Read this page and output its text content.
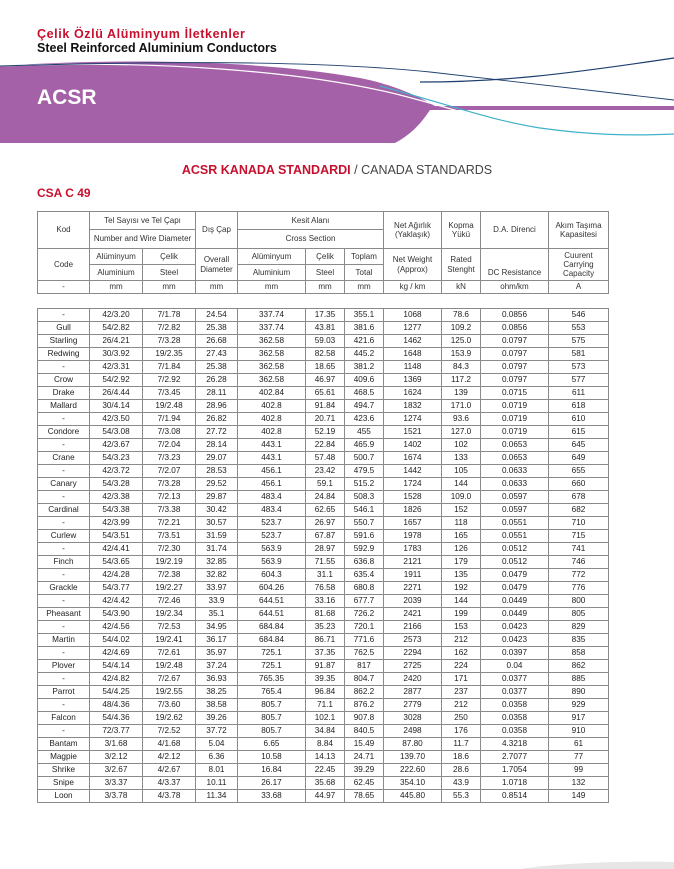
Çelik Özlü Alüminyum İletkenler
Steel Reinforced Aluminium Conductors
ACSR
ACSR KANADA STANDARDI / CANADA STANDARDS
CSA C 49
Kod	Tel Sayısı ve Tel Çapı		Dış Çap	Kesit Alanı			Net Ağırlık (Yaklaşık)	Kopma Yükü	D.A. Direnci	Akım Taşıma Kapasitesi
	Number and Wire Diameter			Cross Section						
Code	Alüminyum	Çelik	Overall Diameter	Alüminyum	Çelik	Toplam	Net Weight (Approx)	Rated Stenght	DC Resistance	Cuurent Carrying Capacity
	Aluminium	Steel		Aluminium	Steel	Total				
-	mm	mm	mm	mm	mm	mm	kg / km	kN	ohm/km	A
-	42/3.20	7/1.78	24.54	337.74	17.35	355.1	1068	78.6	0.0856	546
Gull	54/2.82	7/2.82	25.38	337.74	43.81	381.6	1277	109.2	0.0856	553
Starling	26/4.21	7/3.28	26.68	362.58	59.03	421.6	1462	125.0	0.0797	575
Redwing	30/3.92	19/2.35	27.43	362.58	82.58	445.2	1648	153.9	0.0797	581
-	42/3.31	7/1.84	25.38	362.58	18.65	381.2	1148	84.3	0.0797	573
Crow	54/2.92	7/2.92	26.28	362.58	46.97	409.6	1369	117.2	0.0797	577
Drake	26/4.44	7/3.45	28.11	402.84	65.61	468.5	1624	139	0.0715	611
Mallard	30/4.14	19/2.48	28.96	402.8	91.84	494.7	1832	171.0	0.0719	618
-	42/3.50	7/1.94	26.82	402.8	20.71	423.6	1274	93.6	0.0719	610
Condore	54/3.08	7/3.08	27.72	402.8	52.19	455	1521	127.0	0.0719	615
-	42/3.67	7/2.04	28.14	443.1	22.84	465.9	1402	102	0.0653	645
Crane	54/3.23	7/3.23	29.07	443.1	57.48	500.7	1674	133	0.0653	649
-	42/3.72	7/2.07	28.53	456.1	23.42	479.5	1442	105	0.0633	655
Canary	54/3.28	7/3.28	29.52	456.1	59.1	515.2	1724	144	0.0633	660
-	42/3.38	7/2.13	29.87	483.4	24.84	508.3	1528	109.0	0.0597	678
Cardinal	54/3.38	7/3.38	30.42	483.4	62.65	546.1	1826	152	0.0597	682
-	42/3.99	7/2.21	30.57	523.7	26.97	550.7	1657	118	0.0551	710
Curlew	54/3.51	7/3.51	31.59	523.7	67.87	591.6	1978	165	0.0551	715
-	42/4.41	7/2.30	31.74	563.9	28.97	592.9	1783	126	0.0512	741
Finch	54/3.65	19/2.19	32.85	563.9	71.55	636.8	2121	179	0.0512	746
-	42/4.28	7/2.38	32.82	604.3	31.1	635.4	1911	135	0.0479	772
Grackle	54/3.77	19/2.27	33.97	604.26	76.58	680.8	2271	192	0.0479	776
-	42/4.42	7/2.46	33.9	644.51	33.16	677.7	2039	144	0.0449	800
Pheasant	54/3.90	19/2.34	35.1	644.51	81.68	726.2	2421	199	0.0449	805
-	42/4.56	7/2.53	34.95	684.84	35.23	720.1	2166	153	0.0423	829
Martin	54/4.02	19/2.41	36.17	684.84	86.71	771.6	2573	212	0.0423	835
-	42/4.69	7/2.61	35.97	725.1	37.35	762.5	2294	162	0.0397	858
Plover	54/4.14	19/2.48	37.24	725.1	91.87	817	2725	224	0.04	862
-	42/4.82	7/2.67	36.93	765.35	39.35	804.7	2420	171	0.0377	885
Parrot	54/4.25	19/2.55	38.25	765.4	96.84	862.2	2877	237	0.0377	890
-	48/4.36	7/3.60	38.58	805.7	71.1	876.2	2779	212	0.0358	929
Falcon	54/4.36	19/2.62	39.26	805.7	102.1	907.8	3028	250	0.0358	917
-	72/3.77	7/2.52	37.72	805.7	34.84	840.5	2498	176	0.0358	910
Bantam	3/1.68	4/1.68	5.04	6.65	8.84	15.49	87.80	11.7	4.3218	61
Magpie	3/2.12	4/2.12	6.36	10.58	14.13	24.71	139.70	18.6	2.7077	77
Shrike	3/2.67	4/2.67	8.01	16.84	22.45	39.29	222.60	28.6	1.7054	99
Snipe	3/3.37	4/3.37	10.11	26.17	35.68	62.45	354.10	43.9	1.0718	132
Loon	3/3.78	4/3.78	11.34	33.68	44.97	78.65	445.80	55.3	0.8514	149
